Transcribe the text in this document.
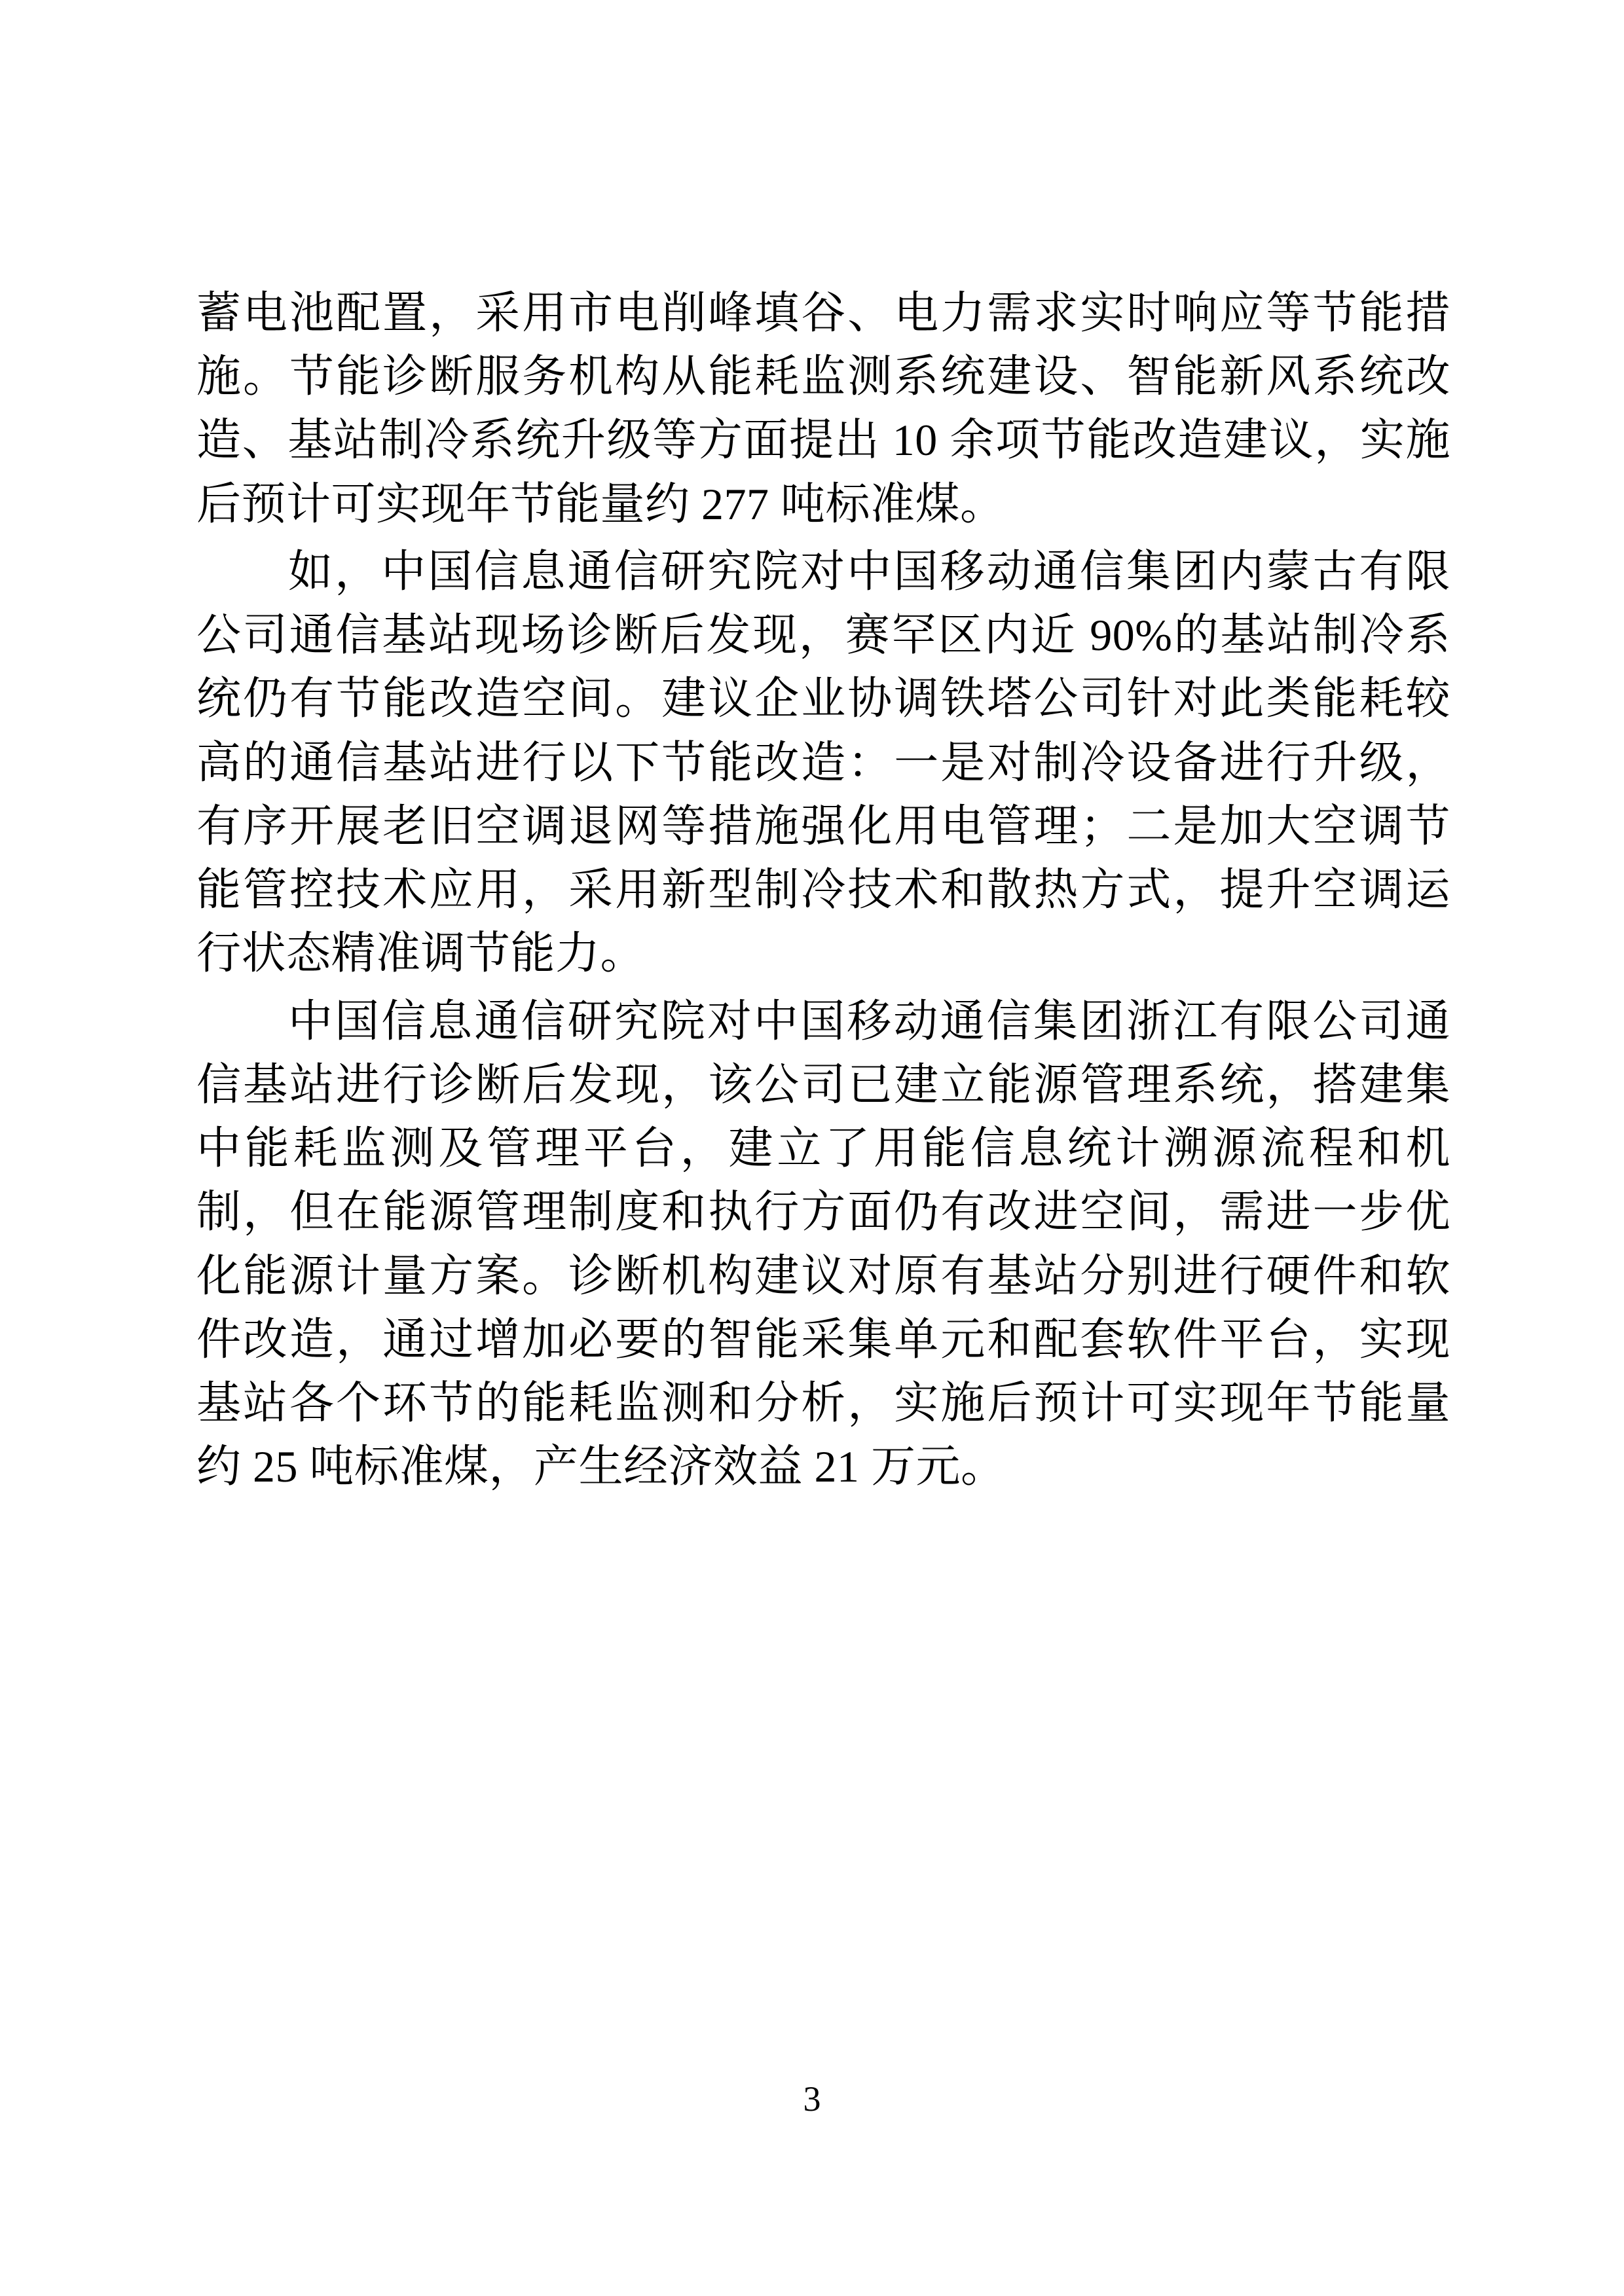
蓄电池配置，采用市电削峰填谷、电力需求实时响应等节能措施。节能诊断服务机构从能耗监测系统建设、智能新风系统改造、基站制冷系统升级等方面提出 10 余项节能改造建议，实施后预计可实现年节能量约 277 吨标准煤。

如，中国信息通信研究院对中国移动通信集团内蒙古有限公司通信基站现场诊断后发现，赛罕区内近 90%的基站制冷系统仍有节能改造空间。建议企业协调铁塔公司针对此类能耗较高的通信基站进行以下节能改造：一是对制冷设备进行升级，有序开展老旧空调退网等措施强化用电管理；二是加大空调节能管控技术应用，采用新型制冷技术和散热方式，提升空调运行状态精准调节能力。

中国信息通信研究院对中国移动通信集团浙江有限公司通信基站进行诊断后发现，该公司已建立能源管理系统，搭建集中能耗监测及管理平台，建立了用能信息统计溯源流程和机制，但在能源管理制度和执行方面仍有改进空间，需进一步优化能源计量方案。诊断机构建议对原有基站分别进行硬件和软件改造，通过增加必要的智能采集单元和配套软件平台，实现基站各个环节的能耗监测和分析，实施后预计可实现年节能量约 25 吨标准煤，产生经济效益 21 万元。

3
